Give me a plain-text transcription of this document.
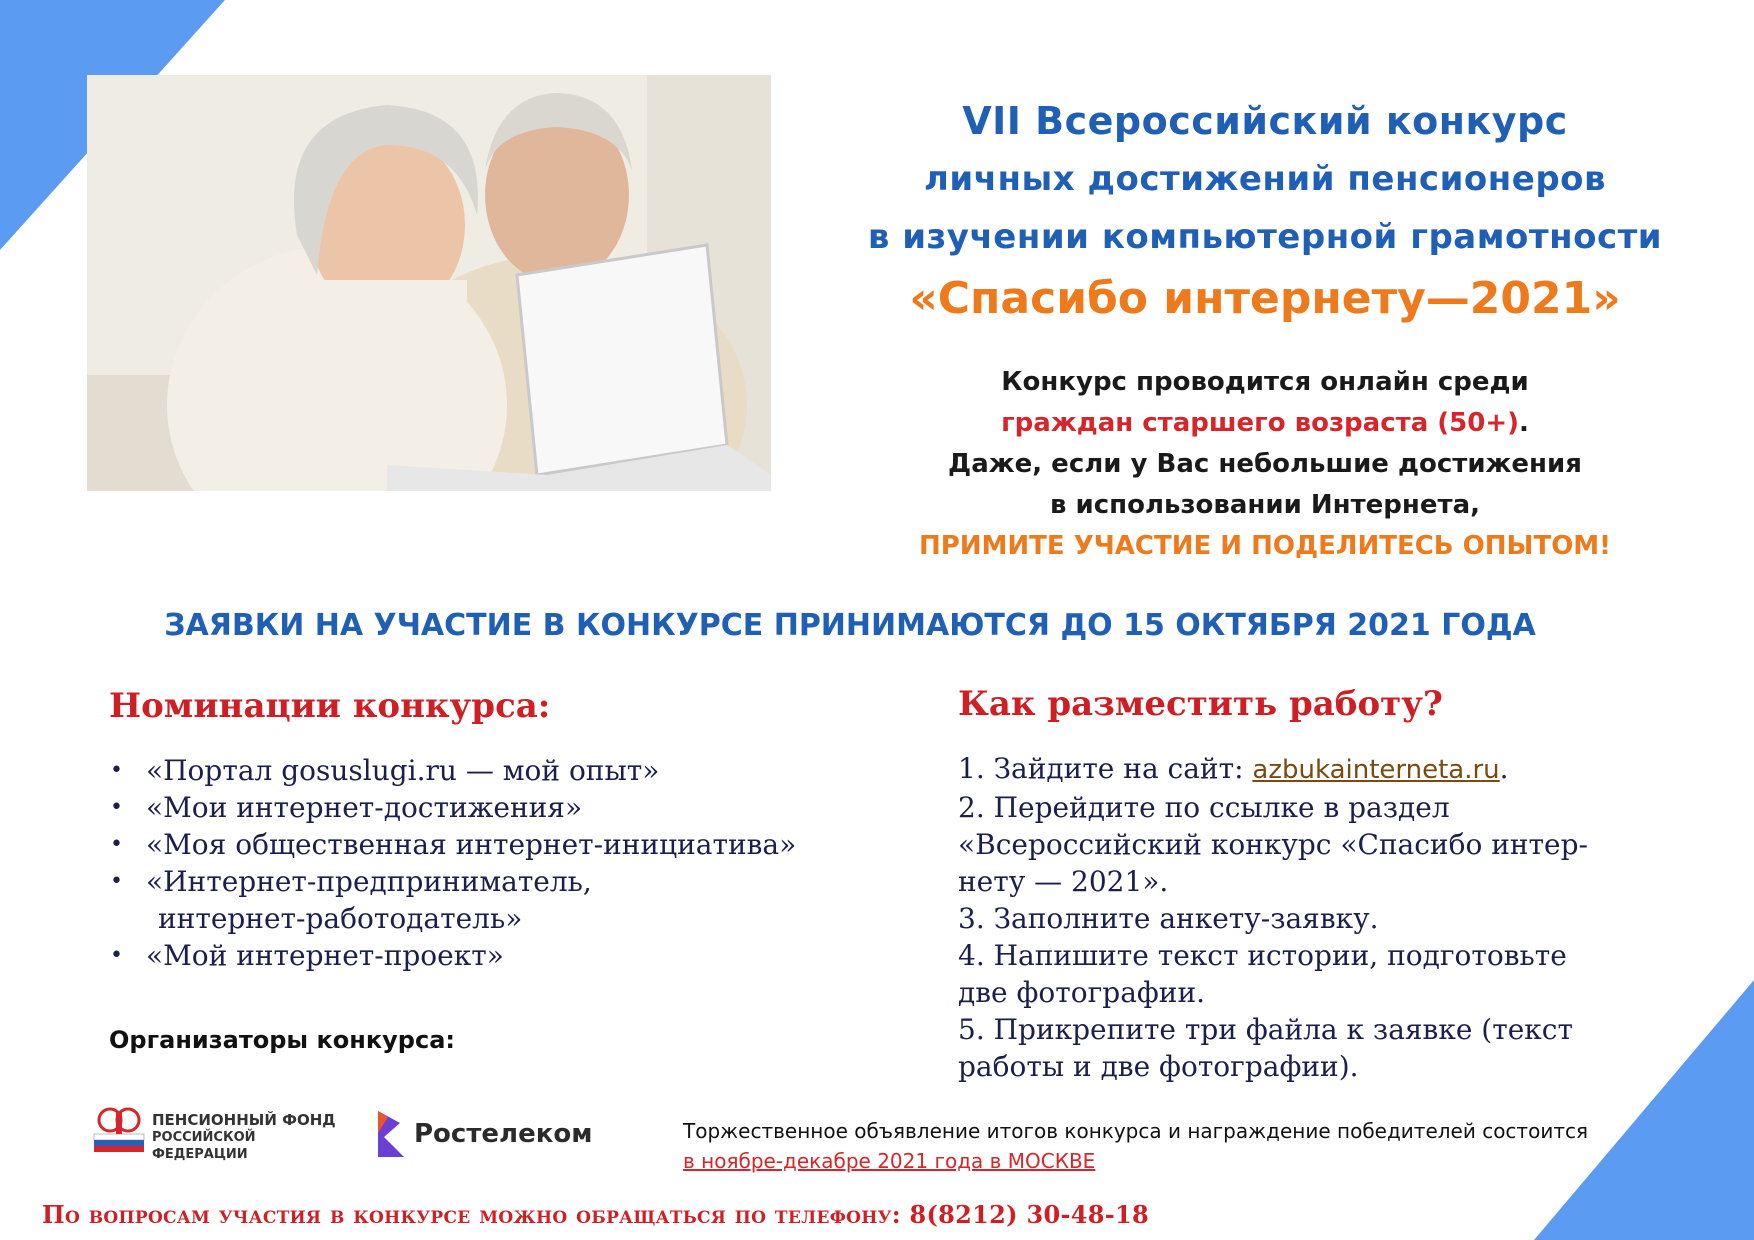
VII Всероссийский конкурс
личных достижений пенсионеров
в изучении компьютерной грамотности
«Спасибо интернету—2021»
Конкурс проводится онлайн среди
граждан старшего возраста (50+).
Даже, если у Вас небольшие достижения
в использовании Интернета,
ПРИМИТЕ УЧАСТИЕ И ПОДЕЛИТЕСЬ ОПЫТОМ!
ЗАЯВКИ НА УЧАСТИЕ В КОНКУРСЕ ПРИНИМАЮТСЯ ДО 15 ОКТЯБРЯ 2021 ГОДА
Номинации конкурса:
• «Портал gosuslugi.ru — мой опыт»
• «Мои интернет-достижения»
• «Моя общественная интернет-инициатива»
• «Интернет-предприниматель,
интернет-работодатель»
• «Мой интернет-проект»
Как разместить работу?
1. Зайдите на сайт: azbukainterneta.ru.
2. Перейдите по ссылке в раздел
«Всероссийский конкурс «Спасибо интер-
нету — 2021».
3. Заполните анкету-заявку.
4. Напишите текст истории, подготовьте
две фотографии.
5. Прикрепите три файла к заявке (текст
работы и две фотографии).
Организаторы конкурса:
ПЕНСИОННЫЙ ФОНД
РОССИЙСКОЙ ФЕДЕРАЦИИ
Ростелеком	Торжественное объявление итогов конкурса и награждение победителей состоится
в ноябре-декабре 2021 года в МОСКВЕ
По вопросам участия в конкурсе можно обращаться по телефону: 8(8212) 30-48-18
